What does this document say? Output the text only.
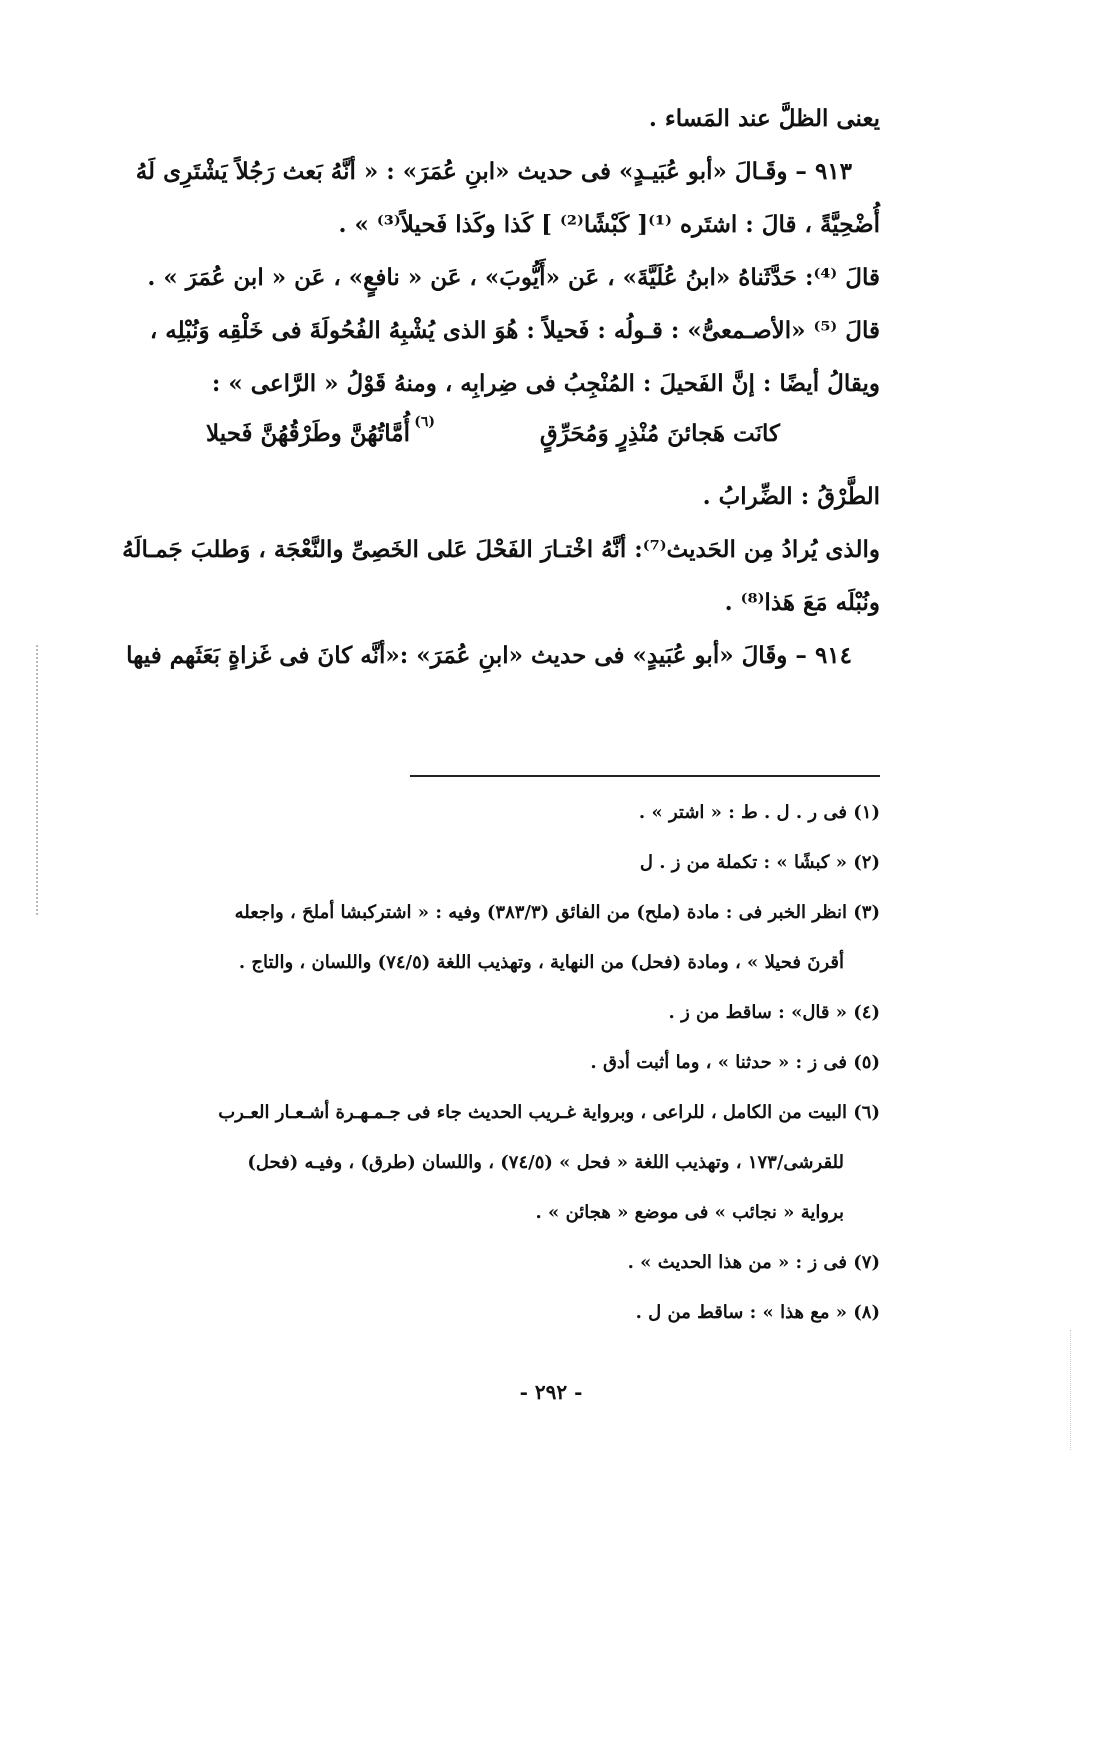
يعنى الظلَّ عند المَساء .
٩١٣ – وقَـالَ «أبو عُبَيـدٍ» فى حديث «ابنِ عُمَرَ» : « أنَّهُ بَعث رَجُلاً يَشْتَرِى لَهُ
أُضْحِيَّةً ، قالَ : اشتَره ⁽¹⁾[ كَبْشًا⁽²⁾ ] كَذا وكَذا فَحيلاً⁽³⁾ » .
قالَ ⁽⁴⁾: حَدَّثَناهُ «ابنُ عُلَيَّةَ» ، عَن «أَيُّوبَ» ، عَن « نافعٍ» ، عَن « ابن عُمَرَ » .
قالَ ⁽⁵⁾ «الأصـمعىُّ» : قـولُه : فَحيلاً : هُوَ الذى يُشْبِهُ الفُحُولَةَ فى خَلْقِه وَنُبْلِه ،
ويقالُ أيضًا : إنَّ الفَحيلَ : المُنْجِبُ فى ضِرابِه ، ومنهُ قَوْلُ « الرَّاعى » :
كانَت هَجائنَ مُنْذِرٍ وَمُحَرِّقٍ
(٦)
أُمَّاتُهُنَّ وطَرْقُهُنَّ فَحيلا
الطَّرْقُ : الضِّرابُ .
والذى يُرادُ مِن الحَديث⁽⁷⁾: أنَّهُ اخْتـارَ الفَحْلَ عَلى الخَصِىِّ والنَّعْجَة ، وَطلبَ جَمـالَهُ
ونُبْلَه مَعَ هَذا⁽⁸⁾ .
٩١٤ – وقَالَ «أبو عُبَيدٍ» فى حديث «ابنِ عُمَرَ» :«أنَّه كانَ فى غَزاةٍ بَعَثَهم فيها
(١) فى ر . ل . ط : « اشتر » .
(٢) « كبشًا » : تكملة من ز . ل
(٣) انظر الخبر فى : مادة (ملح) من الفائق (٣٨٣/٣) وفيه : « اشتركبشا أملحَ ، واجعله
أقرنَ فحيلا » ، ومادة (فحل) من النهاية ، وتهذيب اللغة (٧٤/٥) واللسان ، والتاج .
(٤) « قال» : ساقط من ز .
(٥) فى ز : « حدثنا » ، وما أثبت أدق .
(٦) البيت من الكامل ، للراعى ، وبرواية غـريب الحديث جاء فى جـمـهـرة أشـعـار العـرب
للقرشى/١٧٣ ، وتهذيب اللغة « فحل » (٧٤/٥) ، واللسان (طرق) ، وفيـه (فحل)
برواية « نجائب » فى موضع « هجائن » .
(٧) فى ز : « من هذا الحديث » .
(٨) « مع هذا » : ساقط من ل .
- ٢٩٢ -
